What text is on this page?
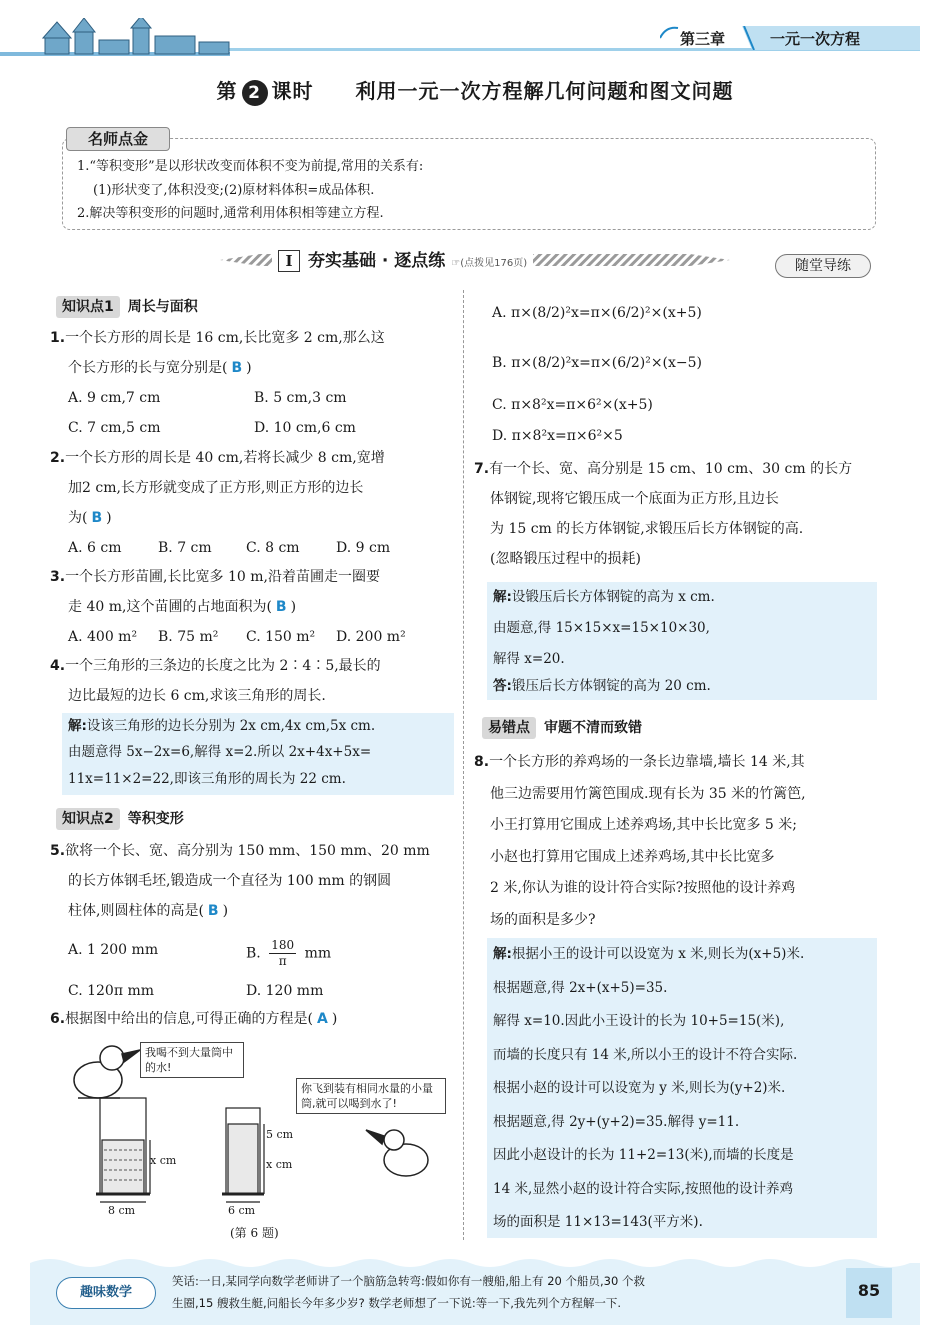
第三章	一元一次方程
第 2 课时 利用一元一次方程解几何问题和图文问题
1.“等积变形”是以形状改变而体积不变为前提,常用的关系有:
(1)形状变了,体积没变;(2)原材料体积=成品体积.
2.解决等积变形的问题时,通常利用体积相等建立方程.
名师点金
I 夯实基础 · 逐点练 ☞(点拨见176页)	随堂导练
知识点1 周长与面积
1.一个长方形的周长是 16 cm,长比宽多 2 cm,那么这
个长方形的长与宽分别是( B )
A. 9 cm,7 cm	B. 5 cm,3 cm
C. 7 cm,5 cm	D. 10 cm,6 cm
2.一个长方形的周长是 40 cm,若将长减少 8 cm,宽增
加2 cm,长方形就变成了正方形,则正方形的边长
为( B )
A. 6 cm	B. 7 cm C. 8 cm	D. 9 cm
3.一个长方形苗圃,长比宽多 10 m,沿着苗圃走一圈要
走 40 m,这个苗圃的占地面积为( B )
A. 400 m² B. 75 m² C. 150 m² D. 200 m²
4.一个三角形的三条边的长度之比为 2∶4∶5,最长的
边比最短的边长 6 cm,求该三角形的周长.
解:设该三角形的边长分别为 2x cm,4x cm,5x cm.
由题意得 5x−2x=6,解得 x=2.所以 2x+4x+5x=
11x=11×2=22,即该三角形的周长为 22 cm.
知识点2 等积变形
5.欲将一个长、宽、高分别为 150 mm、150 mm、20 mm
的长方体钢毛坯,锻造成一个直径为 100 mm 的钢圆
柱体,则圆柱体的高是( B )
A. 1 200 mm	B. $\frac{180}{\pi}$ mm
C. 120π mm	D. 120 mm
6.根据图中给出的信息,可得正确的方程是( A )
我喝不到大量筒中的水!
你飞到装有相同水量的小量筒,就可以喝到水了!
x cm
8 cm
5 cm
x cm
6 cm
(第 6 题)
A. π×(8/2)²x=π×(6/2)²×(x+5)
B. π×(8/2)²x=π×(6/2)²×(x−5)
C. π×8²x=π×6²×(x+5)
D. π×8²x=π×6²×5
7.有一个长、宽、高分别是 15 cm、10 cm、30 cm 的长方
体钢锭,现将它锻压成一个底面为正方形,且边长
为 15 cm 的长方体钢锭,求锻压后长方体钢锭的高.
(忽略锻压过程中的损耗)
解:设锻压后长方体钢锭的高为 x cm.
由题意,得 15×15×x=15×10×30,
解得 x=20.
答:锻压后长方体钢锭的高为 20 cm.
易错点 审题不清而致错
8.一个长方形的养鸡场的一条长边靠墙,墙长 14 米,其
他三边需要用竹篱笆围成.现有长为 35 米的竹篱笆,
小王打算用它围成上述养鸡场,其中长比宽多 5 米;
小赵也打算用它围成上述养鸡场,其中长比宽多
2 米,你认为谁的设计符合实际?按照他的设计养鸡
场的面积是多少?
解:根据小王的设计可以设宽为 x 米,则长为(x+5)米.
根据题意,得 2x+(x+5)=35.
解得 x=10.因此小王设计的长为 10+5=15(米),
而墙的长度只有 14 米,所以小王的设计不符合实际.
根据小赵的设计可以设宽为 y 米,则长为(y+2)米.
根据题意,得 2y+(y+2)=35.解得 y=11.
因此小赵设计的长为 11+2=13(米),而墙的长度是
14 米,显然小赵的设计符合实际,按照他的设计养鸡
场的面积是 11×13=143(平方米).
趣味数学
笑话:一日,某同学向数学老师讲了一个脑筋急转弯:假如你有一艘船,船上有 20 个船员,30 个救
生圈,15 艘救生艇,问船长今年多少岁? 数学老师想了一下说:等一下,我先列个方程解一下.
85
